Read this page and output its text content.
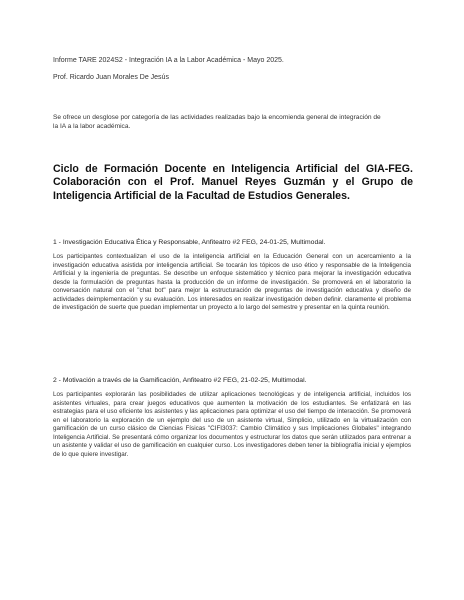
Informe TARE 2024S2 - Integración IA a la Labor Académica - Mayo 2025.
Prof. Ricardo Juan Morales De Jesús
Se ofrece un desglose por categoría de las actividades realizadas bajo la encomienda general de integración de la IA a la labor académica.
Ciclo de Formación Docente en Inteligencia Artificial del GIA-FEG. Colaboración con el Prof. Manuel Reyes Guzmán y el Grupo de Inteligencia Artificial de la Facultad de Estudios Generales.
1 - Investigación Educativa Ética y Responsable, Anfiteatro #2 FEG, 24-01-25, Multimodal.
Los participantes contextualizan el uso de la inteligencia artificial en la Educación General con un acercamiento a la investigación educativa asistida por inteligencia artificial. Se tocarán los tópicos de uso ético y responsable de la Inteligencia Artificial y la ingeniería de preguntas. Se describe un enfoque sistemático y técnico para mejorar la investigación educativa desde la formulación de preguntas hasta la producción de un informe de investigación. Se promoverá en el laboratorio la conversación natural con el "chat bot" para mejor la estructuración de preguntas de investigación educativa y diseño de actividades deimplementación y su evaluación. Los interesados en realizar investigación deben definir. claramente el problema de investigación de suerte que puedan implementar un proyecto a lo largo del semestre y presentar en la quinta reunión.
2 - Motivación a través de la Gamificación, Anfiteatro #2 FEG, 21-02-25, Multimodal.
Los participantes explorarán las posibilidades de utilizar aplicaciones tecnológicas y de inteligencia artificial, incluidos los asistentes virtuales, para crear juegos educativos que aumenten la motivación de los estudiantes. Se enfatizará en las estrategias para el uso eficiente los asistentes y las aplicaciones para optimizar el uso del tiempo de interacción. Se promoverá en el laboratorio la exploración de un ejemplo del uso de un asistente virtual, Simplicio, utilizado en la virtualización con gamificación de un curso clásico de Ciencias Físicas "CIFI3037: Cambio Climático y sus Implicaciones Globales" integrando Inteligencia Artificial. Se presentará cómo organizar los documentos y estructurar los datos que serán utilizados para entrenar a un asistente y validar el uso de gamificación en cualquier curso. Los investigadores deben tener la bibliografía inicial y ejemplos de lo que quiere investigar.
